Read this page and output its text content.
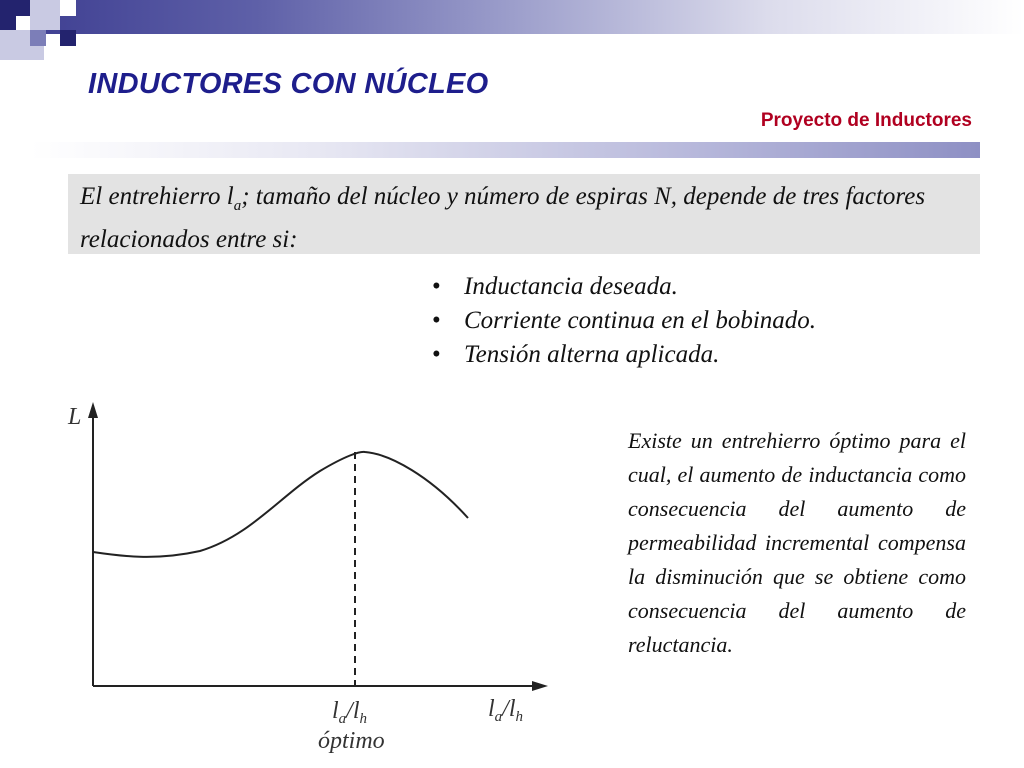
INDUCTORES CON NÚCLEO
Proyecto de Inductores
El entrehierro $l_a$; tamaño del núcleo y número de espiras N, depende de tres factores relacionados entre si:
• Inductancia deseada.
• Corriente continua en el bobinado.
• Tensión alterna aplicada.
L
$l_a/l_h$
óptimo
$l_a/l_h$
Existe un entrehierro óptimo para el cual, el aumento de inductancia como consecuencia del aumento de permeabilidad incremental compensa la disminución que se obtiene como consecuencia del aumento de reluctancia.
